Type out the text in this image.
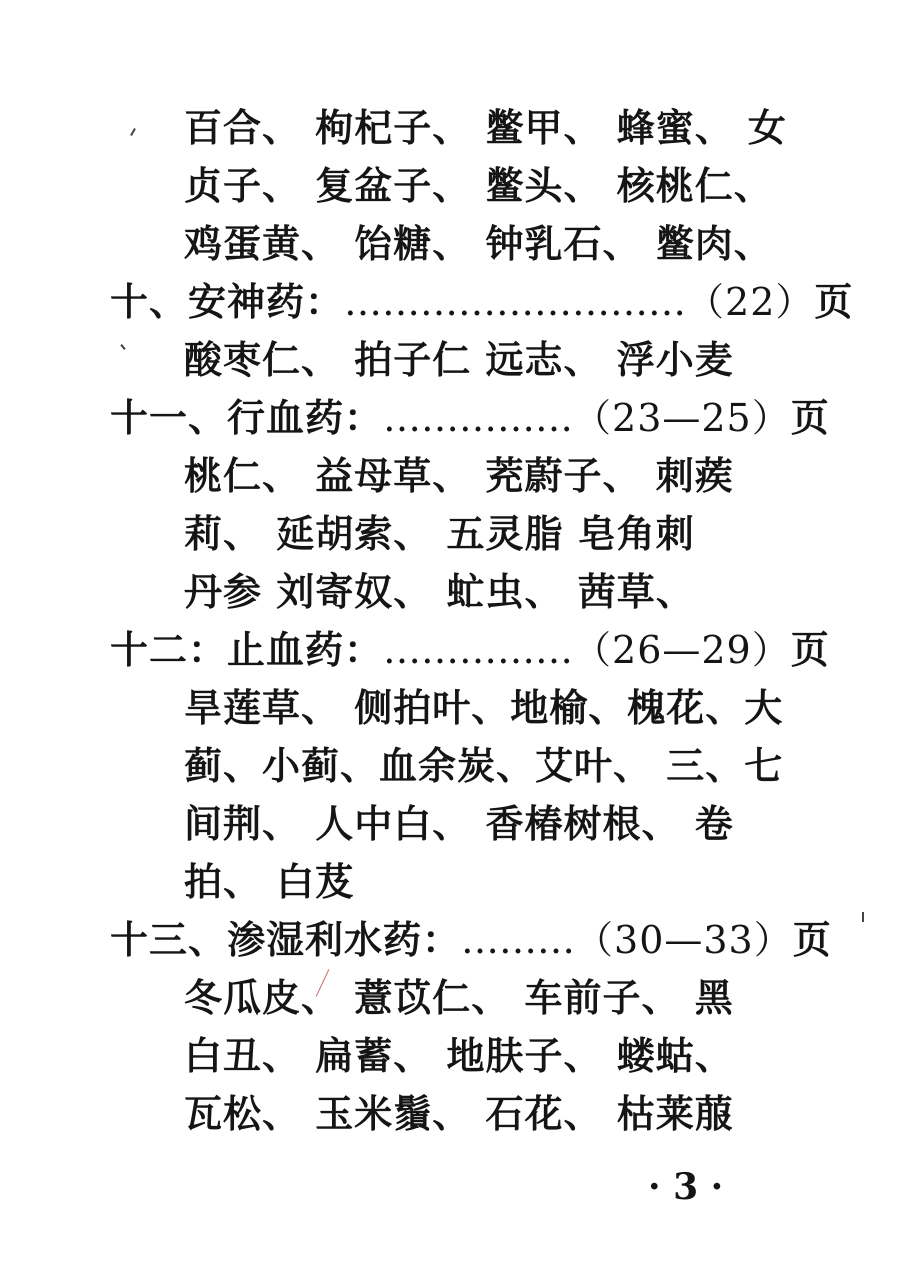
百合、 枸杞子、 鳖甲、 蜂蜜、 女
贞子、 复盆子、 鳖头、 核桃仁、
鸡蛋黄、 饴糖、 钟乳石、 鳖肉、
十、安神药：………………………（22）页
酸枣仁、 拍子仁 远志、 浮小麦
十一、行血药：……………（23—25）页
桃仁、 益母草、 茺蔚子、 刺蒺
莉、 延胡索、 五灵脂 皂角刺
丹参 刘寄奴、 虻虫、 茜草、
十二：止血药：……………（26—29）页
旱莲草、 侧拍叶、地榆、槐花、大
蓟、小蓟、血余炭、艾叶、 三、七
间荆、 人中白、 香椿树根、 卷
拍、 白芨
十三、渗湿利水药：………（30—33）页
冬瓜皮、 薏苡仁、 车前子、 黑
白丑、 扁蓄、 地肤子、 蝼蛄、
瓦松、 玉米鬚、 石花、 枯莱菔
· 3 ·
